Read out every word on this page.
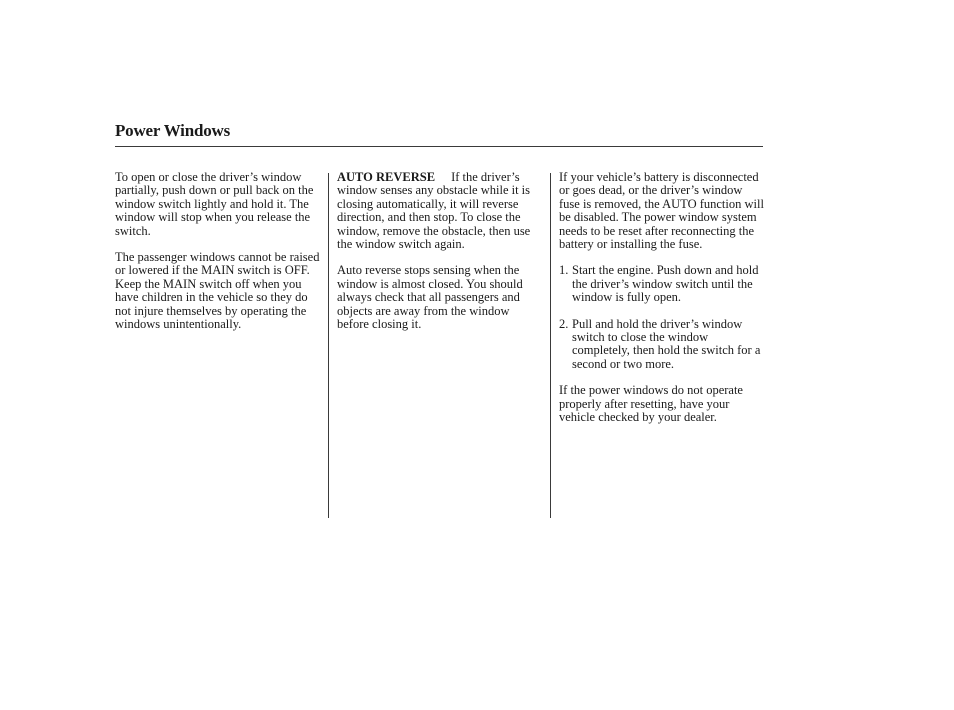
Power Windows

To open or close the driver’s window partially, push down or pull back on the window switch lightly and hold it. The window will stop when you release the switch.

The passenger windows cannot be raised or lowered if the MAIN switch is OFF. Keep the MAIN switch off when you have children in the vehicle so they do not injure themselves by operating the windows unintentionally.

AUTO REVERSE If the driver’s window senses any obstacle while it is closing automatically, it will reverse direction, and then stop. To close the window, remove the obstacle, then use the window switch again.

Auto reverse stops sensing when the window is almost closed. You should always check that all passengers and objects are away from the window before closing it.

If your vehicle’s battery is disconnected or goes dead, or the driver’s window fuse is removed, the AUTO function will be disabled. The power window system needs to be reset after reconnecting the battery or installing the fuse.

1. Start the engine. Push down and hold the driver’s window switch until the window is fully open.
2. Pull and hold the driver’s window switch to close the window completely, then hold the switch for a second or two more.

If the power windows do not operate properly after resetting, have your vehicle checked by your dealer.
